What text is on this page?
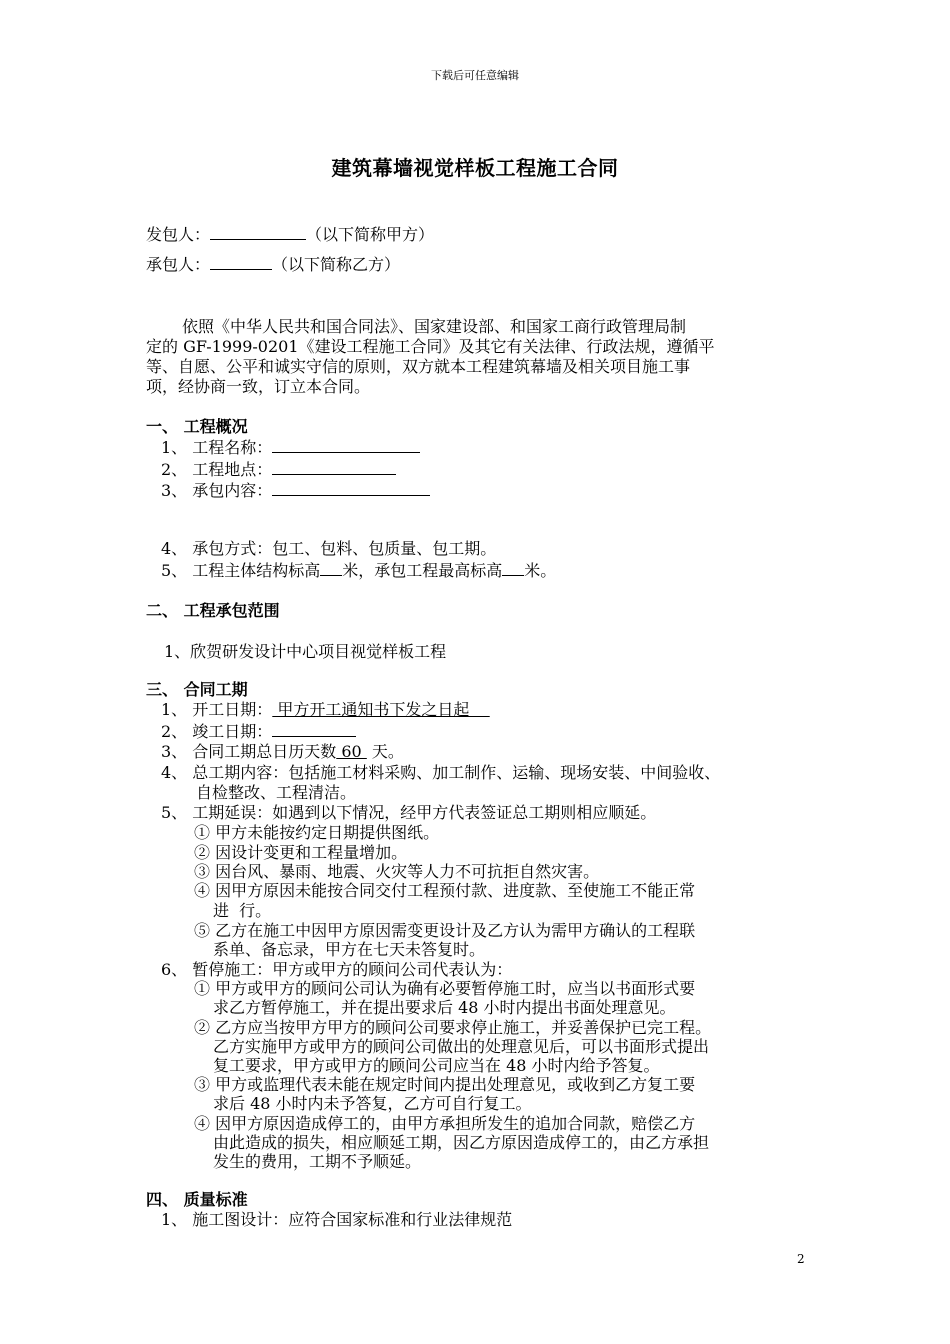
下载后可任意编辑
建筑幕墙视觉样板工程施工合同
发包人：	（以下简称甲方）
承包人：	（以下简称乙方）
依照《中华人民共和国合同法》、国家建设部、和国家工商行政管理局制
定的 GF-1999-0201《建设工程施工合同》及其它有关法律、行政法规，遵循平
等、自愿、公平和诚实守信的原则，双方就本工程建筑幕墙及相关项目施工事
项，经协商一致，订立本合同。
一、 工程概况
1、 工程名称：
2、 工程地点：
3、 承包内容：
4、 承包方式：包工、包料、包质量、包工期。
5、 工程主体结构标高 米，承包工程最高标高 米。
二、 工程承包范围
1、欣贺研发设计中心项目视觉样板工程
三、 合同工期
1、 开工日期： 甲方开工通知书下发之日起
2、 竣工日期：
3、 合同工期总日历天数 60  天。
4、 总工期内容：包括施工材料采购、加工制作、运输、现场安装、中间验收、
自检整改、工程清洁。
5、 工期延误：如遇到以下情况，经甲方代表签证总工期则相应顺延。
① 甲方未能按约定日期提供图纸。
② 因设计变更和工程量增加。
③ 因台风、暴雨、地震、火灾等人力不可抗拒自然灾害。
④ 因甲方原因未能按合同交付工程预付款、进度款、至使施工不能正常
进  行。
⑤ 乙方在施工中因甲方原因需变更设计及乙方认为需甲方确认的工程联
系单、备忘录，甲方在七天未答复时。
6、 暂停施工：甲方或甲方的顾问公司代表认为：
① 甲方或甲方的顾问公司认为确有必要暂停施工时，应当以书面形式要
求乙方暂停施工，并在提出要求后 48 小时内提出书面处理意见。
② 乙方应当按甲方甲方的顾问公司要求停止施工，并妥善保护已完工程。
乙方实施甲方或甲方的顾问公司做出的处理意见后，可以书面形式提出
复工要求，甲方或甲方的顾问公司应当在 48 小时内给予答复。
③ 甲方或监理代表未能在规定时间内提出处理意见，或收到乙方复工要
求后 48 小时内未予答复，乙方可自行复工。
④ 因甲方原因造成停工的，由甲方承担所发生的追加合同款，赔偿乙方
由此造成的损失，相应顺延工期，因乙方原因造成停工的，由乙方承担
发生的费用，工期不予顺延。
四、 质量标准
1、 施工图设计：应符合国家标准和行业法律规范
2
